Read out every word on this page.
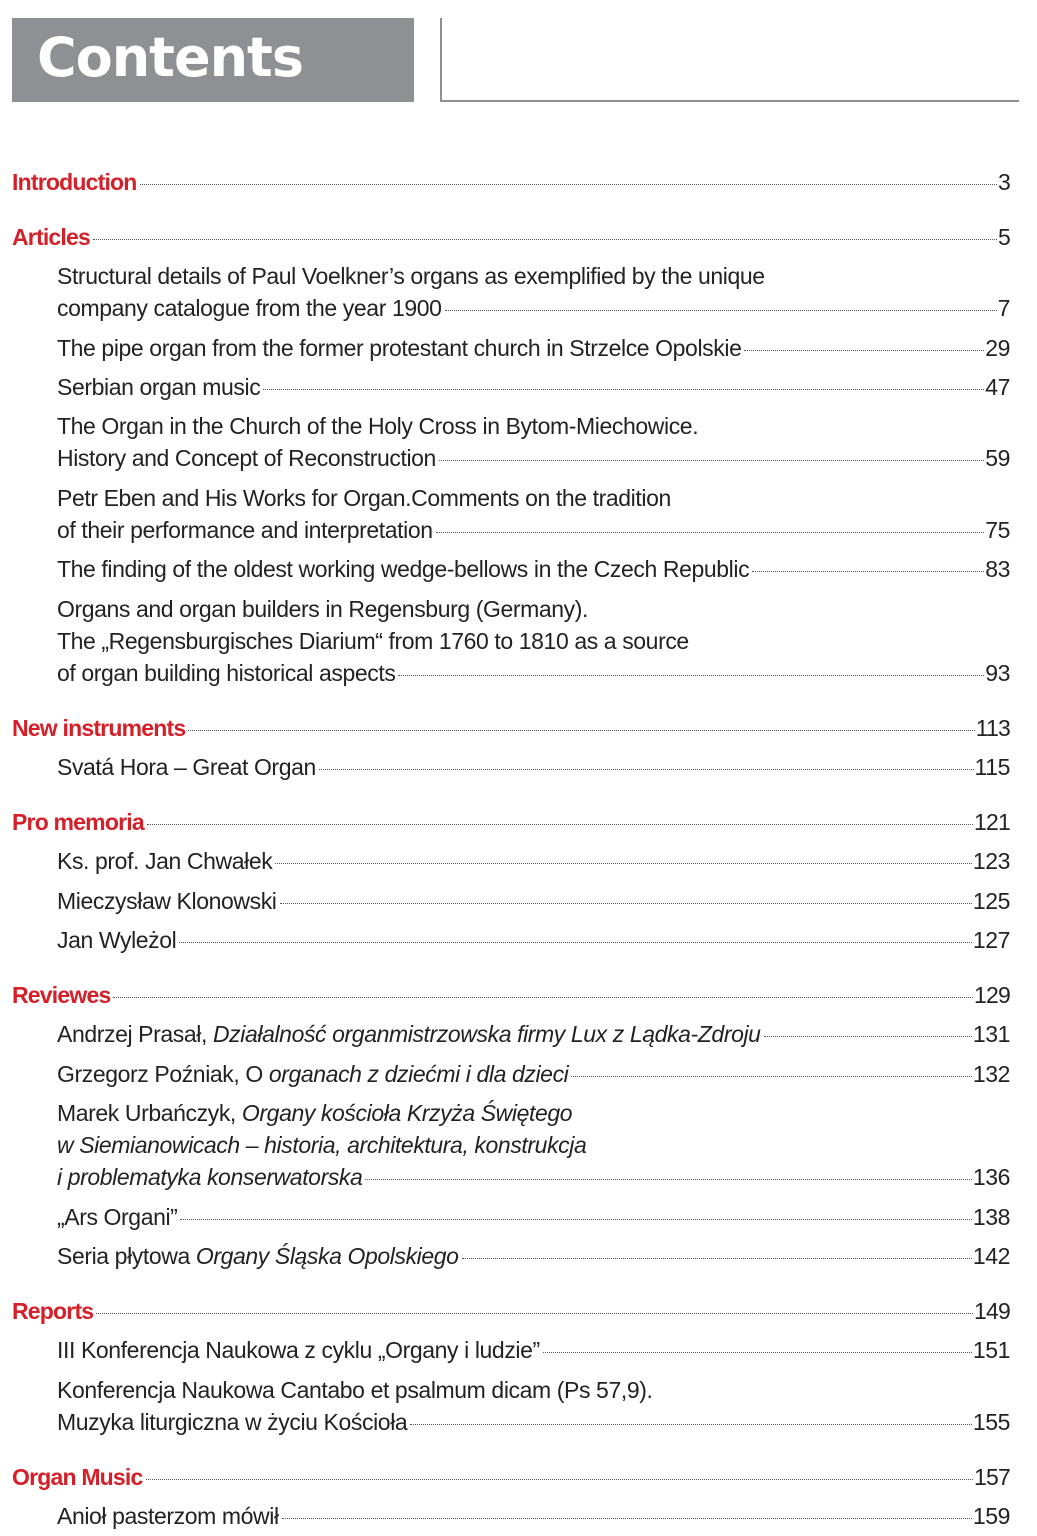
Contents
Introduction	3
Articles	5
Structural details of Paul Voelkner’s organs as exemplified by the unique
company catalogue from the year 1900	7
The pipe organ from the former protestant church in Strzelce Opolskie	29
Serbian organ music	47
The Organ in the Church of the Holy Cross in Bytom-Miechowice.
History and Concept of Reconstruction	59
Petr Eben and His Works for Organ.Comments on the tradition
of their performance and interpretation	75
The finding of the oldest working wedge-bellows in the Czech Republic	83
Organs and organ builders in Regensburg (Germany).
The „Regensburgisches Diarium“ from 1760 to 1810 as a source
of organ building historical aspects	93
New instruments	113
Svatá Hora – Great Organ	115
Pro memoria	121
Ks. prof. Jan Chwałek	123
Mieczysław Klonowski	125
Jan Wyleżol	127
Reviewes	129
Andrzej Prasał, Działalność organmistrzowska firmy Lux z Lądka-Zdroju	131
Grzegorz Poźniak, O organach z dziećmi i dla dzieci	132
Marek Urbańczyk, Organy kościoła Krzyża Świętego
w Siemianowicach – historia, architektura, konstrukcja
i problematyka konserwatorska	136
„Ars Organi”	138
Seria płytowa Organy Śląska Opolskiego	142
Reports	149
III Konferencja Naukowa z cyklu „Organy i ludzie”	151
Konferencja Naukowa Cantabo et psalmum dicam (Ps 57,9).
Muzyka liturgiczna w życiu Kościoła	155
Organ Music	157
Anioł pasterzom mówił	159
